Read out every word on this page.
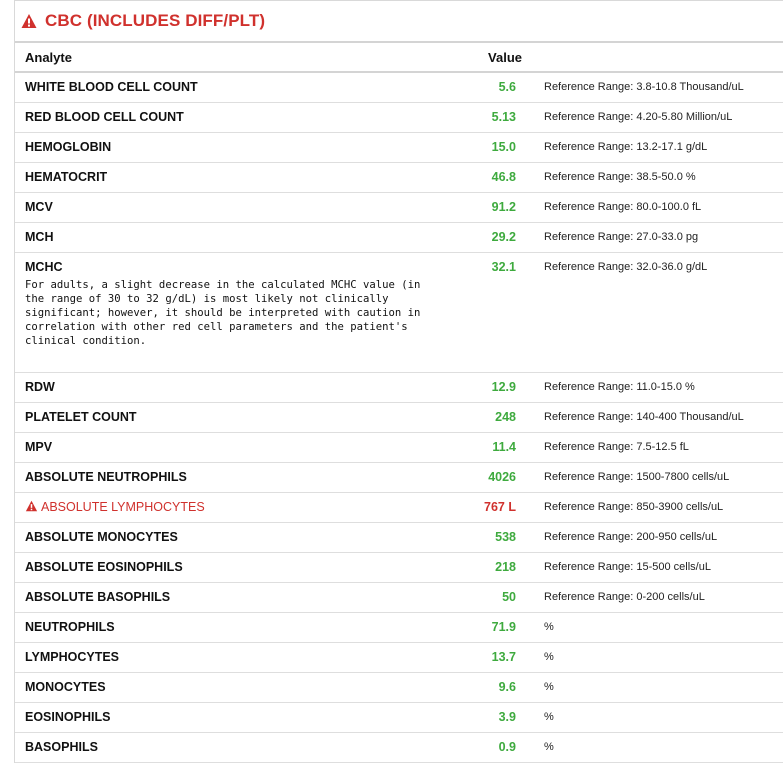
CBC (INCLUDES DIFF/PLT)
Analyte	Value	
WHITE BLOOD CELL COUNT	5.6	Reference Range: 3.8-10.8 Thousand/uL
RED BLOOD CELL COUNT	5.13	Reference Range: 4.20-5.80 Million/uL
HEMOGLOBIN	15.0	Reference Range: 13.2-17.1 g/dL
HEMATOCRIT	46.8	Reference Range: 38.5-50.0 %
MCV	91.2	Reference Range: 80.0-100.0 fL
MCH	29.2	Reference Range: 27.0-33.0 pg
MCHC
For adults, a slight decrease in the calculated MCHC value (in the range of 30 to 32 g/dL) is most likely not clinically significant; however, it should be interpreted with caution in correlation with other red cell parameters and the patient's clinical condition.	32.1	Reference Range: 32.0-36.0 g/dL
RDW	12.9	Reference Range: 11.0-15.0 %
PLATELET COUNT	248	Reference Range: 140-400 Thousand/uL
MPV	11.4	Reference Range: 7.5-12.5 fL
ABSOLUTE NEUTROPHILS	4026	Reference Range: 1500-7800 cells/uL
ABSOLUTE LYMPHOCYTES	767 L	Reference Range: 850-3900 cells/uL
ABSOLUTE MONOCYTES	538	Reference Range: 200-950 cells/uL
ABSOLUTE EOSINOPHILS	218	Reference Range: 15-500 cells/uL
ABSOLUTE BASOPHILS	50	Reference Range: 0-200 cells/uL
NEUTROPHILS	71.9	%
LYMPHOCYTES	13.7	%
MONOCYTES	9.6	%
EOSINOPHILS	3.9	%
BASOPHILS	0.9	%
